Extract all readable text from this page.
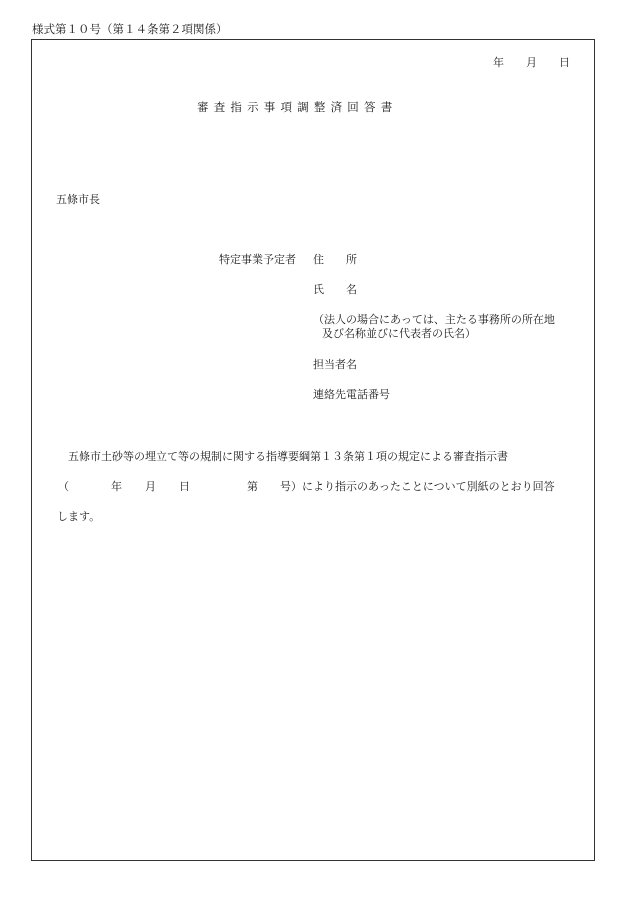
様式第１０号（第１４条第２項関係）
年 月 日
審査指示事項調整済回答書
五條市長
特定事業予定者 住 所
氏 名
（法人の場合にあっては、主たる事務所の所在地
及び名称並びに代表者の氏名）
担当者名
連絡先電話番号
五條市土砂等の埋立て等の規制に関する指導要綱第１３条第１項の規定による審査指示書
（	年 月 日	第 号）により指示のあったことについて別紙のとおり回答
します。
